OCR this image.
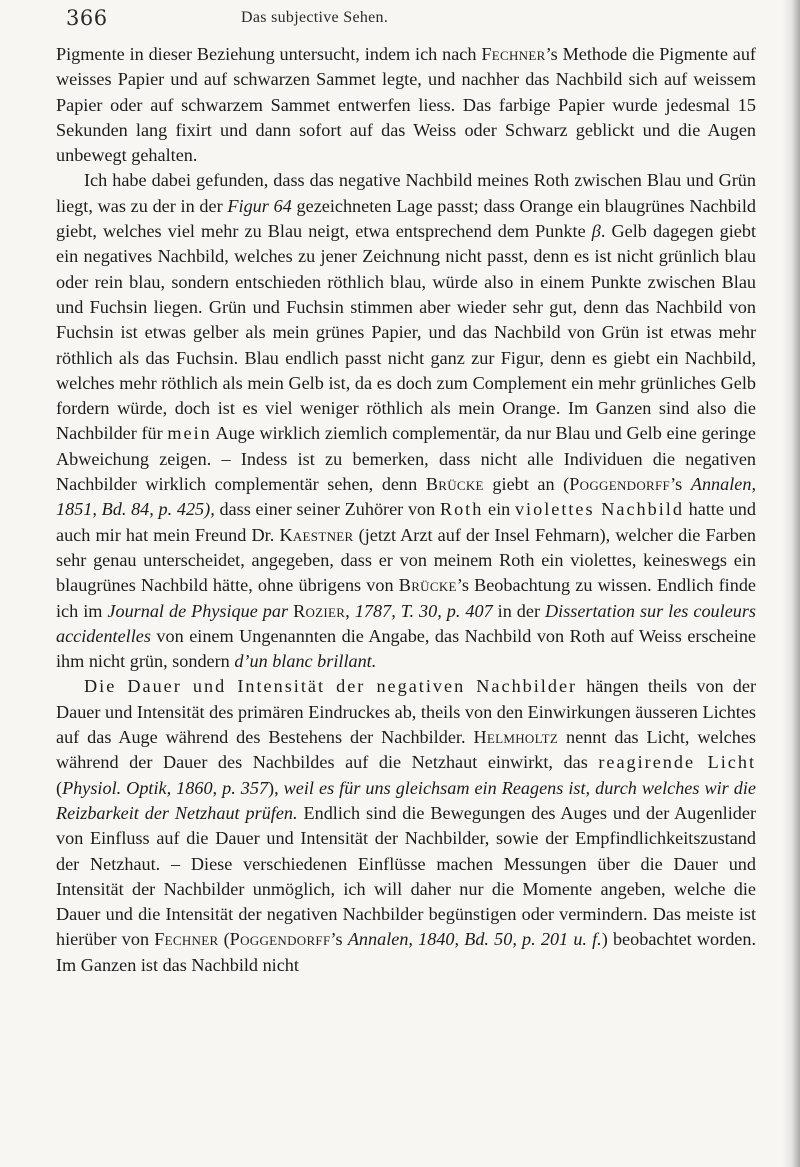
366	Das subjective Sehen.

Pigmente in dieser Beziehung untersucht, indem ich nach Fechner’s Methode die Pigmente auf weisses Papier und auf schwarzen Sammet legte, und nachher das Nachbild sich auf weissem Papier oder auf schwarzem Sammet entwerfen liess. Das farbige Papier wurde jedesmal 15 Sekunden lang fixirt und dann sofort auf das Weiss oder Schwarz geblickt und die Augen unbewegt gehalten.

Ich habe dabei gefunden, dass das negative Nachbild meines Roth zwischen Blau und Grün liegt, was zu der in der Figur 64 gezeichneten Lage passt; dass Orange ein blaugrünes Nachbild giebt, welches viel mehr zu Blau neigt, etwa entsprechend dem Punkte β. Gelb dagegen giebt ein negatives Nachbild, welches zu jener Zeichnung nicht passt, denn es ist nicht grünlich blau oder rein blau, sondern entschieden röthlich blau, würde also in einem Punkte zwischen Blau und Fuchsin liegen. Grün und Fuchsin stimmen aber wieder sehr gut, denn das Nachbild von Fuchsin ist etwas gelber als mein grünes Papier, und das Nachbild von Grün ist etwas mehr röthlich als das Fuchsin. Blau endlich passt nicht ganz zur Figur, denn es giebt ein Nachbild, welches mehr röthlich als mein Gelb ist, da es doch zum Complement ein mehr grünliches Gelb fordern würde, doch ist es viel weniger röthlich als mein Orange. Im Ganzen sind also die Nachbilder für mein Auge wirklich ziemlich complementär, da nur Blau und Gelb eine geringe Abweichung zeigen. – Indess ist zu bemerken, dass nicht alle Individuen die negativen Nachbilder wirklich complementär sehen, denn Brücke giebt an (Poggendorff’s Annalen, 1851, Bd. 84, p. 425), dass einer seiner Zuhörer von Roth ein violettes Nachbild hatte und auch mir hat mein Freund Dr. Kaestner (jetzt Arzt auf der Insel Fehmarn), welcher die Farben sehr genau unterscheidet, angegeben, dass er von meinem Roth ein violettes, keineswegs ein blaugrünes Nachbild hätte, ohne übrigens von Brücke’s Beobachtung zu wissen. Endlich finde ich im Journal de Physique par Rozier, 1787, T. 30, p. 407 in der Dissertation sur les couleurs accidentelles von einem Ungenannten die Angabe, das Nachbild von Roth auf Weiss erscheine ihm nicht grün, sondern d’un blanc brillant.

Die Dauer und Intensität der negativen Nachbilder hängen theils von der Dauer und Intensität des primären Eindruckes ab, theils von den Einwirkungen äusseren Lichtes auf das Auge während des Bestehens der Nachbilder. Helmholtz nennt das Licht, welches während der Dauer des Nachbildes auf die Netzhaut einwirkt, das reagirende Licht (Physiol. Optik, 1860, p. 357), weil es für uns gleichsam ein Reagens ist, durch welches wir die Reizbarkeit der Netzhaut prüfen. Endlich sind die Bewegungen des Auges und der Augenlider von Einfluss auf die Dauer und Intensität der Nachbilder, sowie der Empfindlichkeitszustand der Netzhaut. – Diese verschiedenen Einflüsse machen Messungen über die Dauer und Intensität der Nachbilder unmöglich, ich will daher nur die Momente angeben, welche die Dauer und die Intensität der negativen Nachbilder begünstigen oder vermindern. Das meiste ist hierüber von Fechner (Poggendorff’s Annalen, 1840, Bd. 50, p. 201 u. f.) beobachtet worden. Im Ganzen ist das Nachbild nicht
